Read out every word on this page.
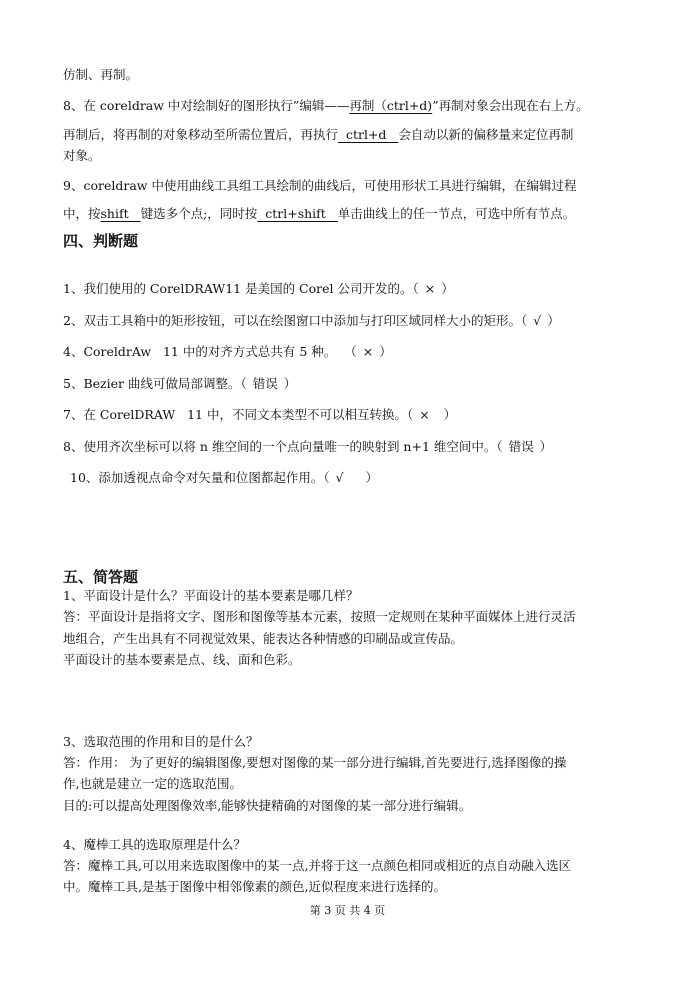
仿制、再制。
8、在 coreldraw 中对绘制好的图形执行”编辑——再制（ctrl+d)”再制对象会出现在右上方。
再制后，将再制的对象移动至所需位置后，再执行  ctrl+d   会自动以新的偏移量来定位再制
对象。
9、coreldraw 中使用曲线工具组工具绘制的曲线后，可使用形状工具进行编辑，在编辑过程
中，按shift   键选多个点;，同时按  ctrl+shift   单击曲线上的任一节点，可选中所有节点。
四、判断题
1、我们使用的 CorelDRAW11 是美国的 Corel 公司开发的。（ × ）
2、双击工具箱中的矩形按钮，可以在绘图窗口中添加与打印区域同样大小的矩形。（ √ ）
4、CoreldrAw   11 中的对齐方式总共有 5 种。  （ × ）
5、Bezier 曲线可做局部调整。（ 错误 ）
7、在 CorelDRAW   11 中，不同文本类型不可以相互转换。（ ×  ）
8、使用齐次坐标可以将 n 维空间的一个点向量唯一的映射到 n+1 维空间中。（ 错误 ）
10、添加透视点命令对矢量和位图都起作用。（ √    ）
五、简答题
1、平面设计是什么？平面设计的基本要素是哪几样？
答：平面设计是指将文字、图形和图像等基本元素，按照一定规则在某种平面媒体上进行灵活
地组合，产生出具有不同视觉效果、能表达各种情感的印刷品或宣传品。
平面设计的基本要素是点、线、面和色彩。
3、选取范围的作用和目的是什么？
答：作用： 为了更好的编辑图像,要想对图像的某一部分进行编辑,首先要进行,选择图像的操
作,也就是建立一定的选取范围。
目的:可以提高处理图像效率,能够快捷精确的对图像的某一部分进行编辑。
4、魔棒工具的选取原理是什么？
答：魔棒工具,可以用来选取图像中的某一点,并将于这一点颜色相同或相近的点自动融入选区
中。魔棒工具,是基于图像中相邻像素的颜色,近似程度来进行选择的。
第 3 页 共 4 页
